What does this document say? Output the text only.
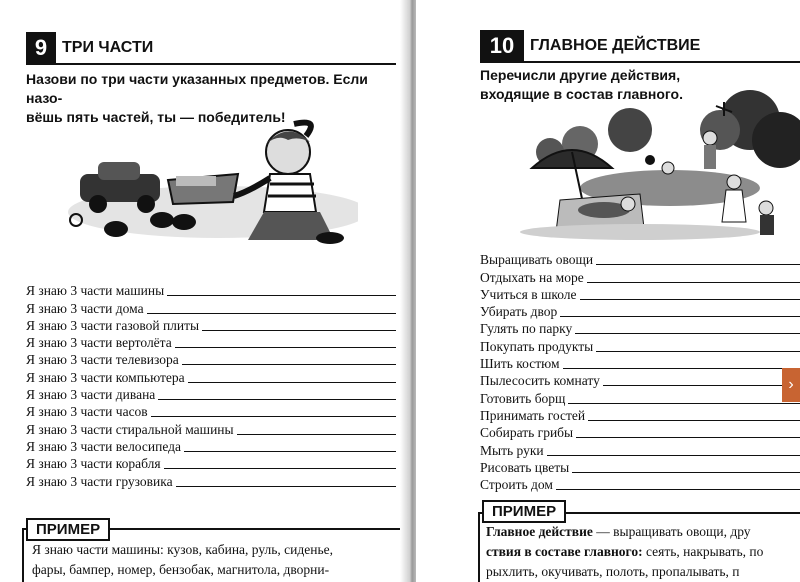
9 ТРИ ЧАСТИ
Назови по три части указанных предметов. Если назо-
вёшь пять частей, ты — победитель!
Я знаю 3 части машины
Я знаю 3 части дома
Я знаю 3 части газовой плиты
Я знаю 3 части вертолёта
Я знаю 3 части телевизора
Я знаю 3 части компьютера
Я знаю 3 части дивана
Я знаю 3 части часов
Я знаю 3 части стиральной машины
Я знаю 3 части велосипеда
Я знаю 3 части корабля
Я знаю 3 части грузовика
ПРИМЕР
Я знаю части машины: кузов, кабина, руль, сиденье,
фары, бампер, номер, бензобак, магнитола, дворни-
10 ГЛАВНОЕ ДЕЙСТВИЕ
Перечисли другие действия,
входящие в состав главного.
Выращивать овощи
Отдыхать на море
Учиться в школе
Убирать двор
Гулять по парку
Покупать продукты
Шить костюм
Пылесосить комнату
Готовить борщ
Принимать гостей
Собирать грибы
Мыть руки
Рисовать цветы
Строить дом
ПРИМЕР
Главное действие — выращивать овощи, дру
ствия в составе главного: сеять, накрывать, по
рыхлить, окучивать, полоть, пропалывать, п
›
